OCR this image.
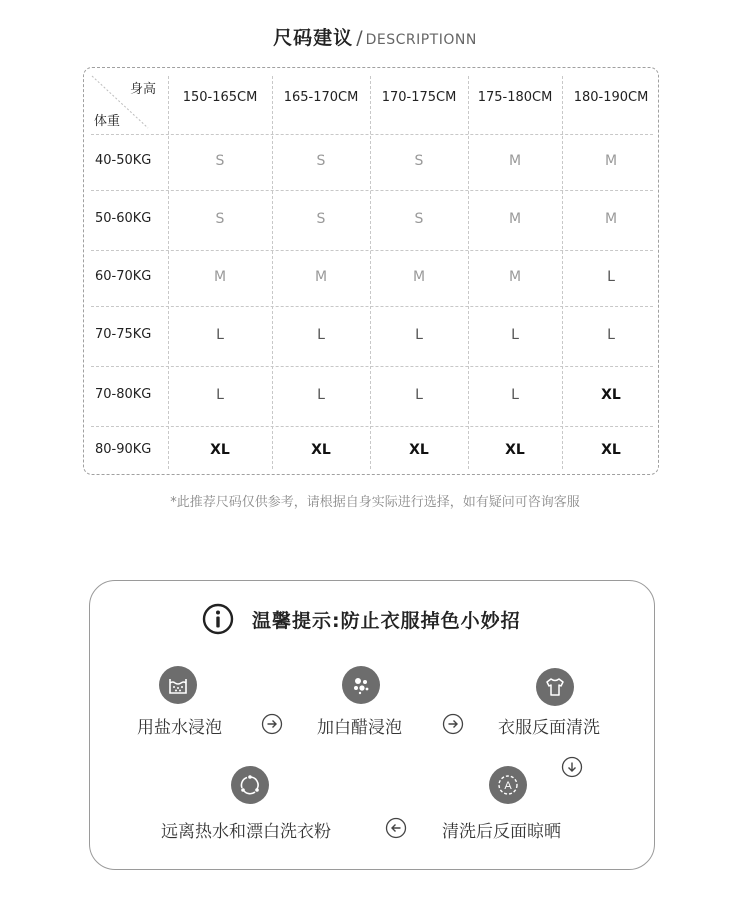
尺码建议 / DESCRIPTIONN
身高
体重
150-165CM	165-170CM	170-175CM	175-180CM	180-190CM
40-50KG	S	S	S	M	M
50-60KG	S	S	S	M	M
60-70KG	M	M	M	M	L
70-75KG	L	L	L	L	L
70-80KG	L	L	L	L	XL
80-90KG	XL	XL	XL	XL	XL
*此推荐尺码仅供参考，请根据自身实际进行选择，如有疑问可咨询客服
温馨提示:防止衣服掉色小妙招
用盐水浸泡	加白醋浸泡	衣服反面清洗
A
清洗后反面晾晒
远离热水和漂白洗衣粉
